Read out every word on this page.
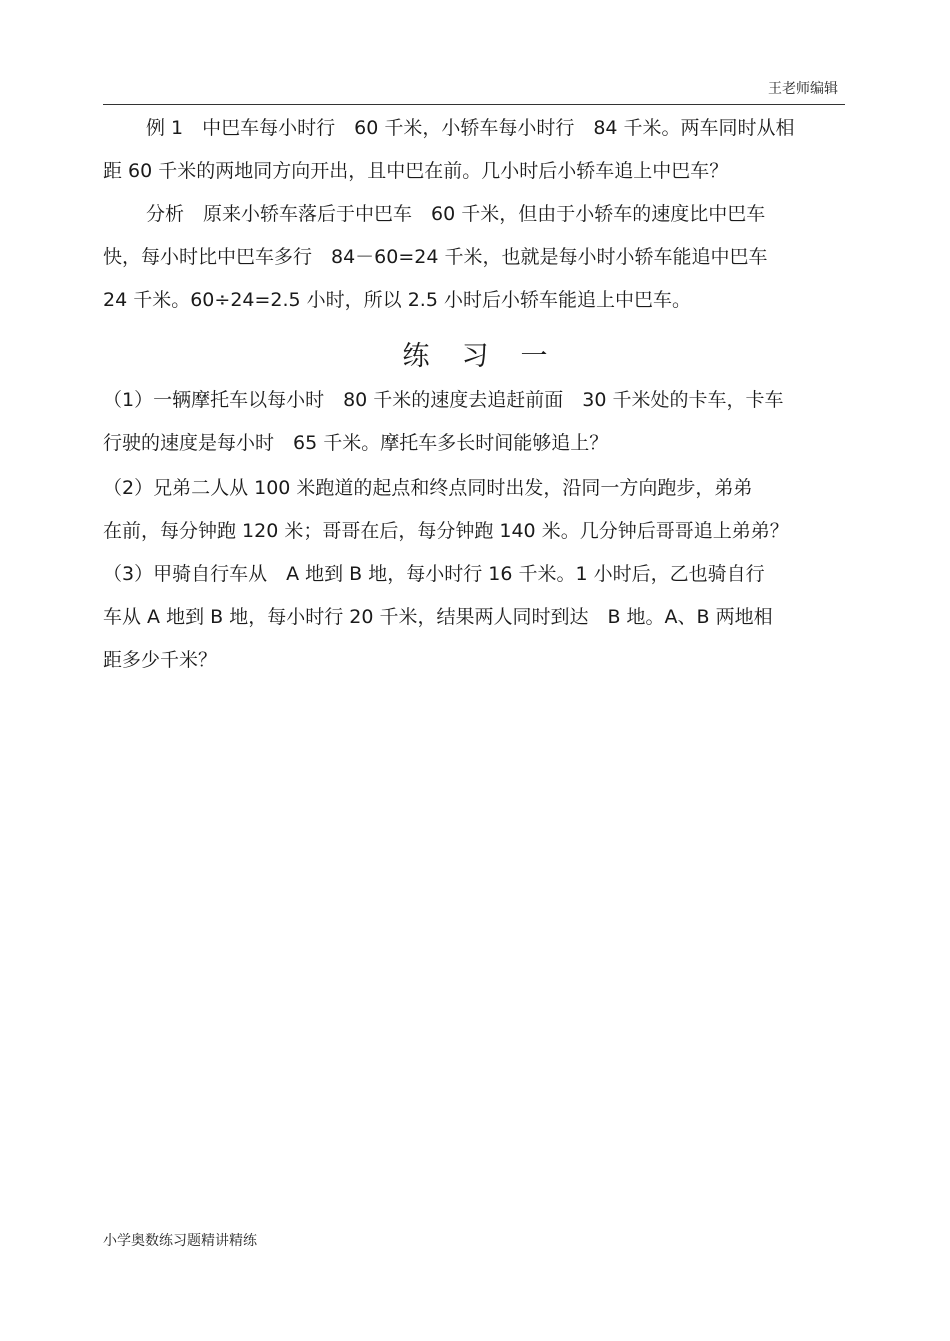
王老师编辑
例 1　中巴车每小时行　60 千米，小轿车每小时行　84 千米。两车同时从相
距 60 千米的两地同方向开出，且中巴在前。几小时后小轿车追上中巴车？
分析　原来小轿车落后于中巴车　60 千米，但由于小轿车的速度比中巴车
快，每小时比中巴车多行　84－60=24 千米，也就是每小时小轿车能追中巴车
24 千米。60÷24=2.5 小时，所以 2.5 小时后小轿车能追上中巴车。
练习一
（1）一辆摩托车以每小时　80 千米的速度去追赶前面　30 千米处的卡车，卡车
行驶的速度是每小时　65 千米。摩托车多长时间能够追上？
（2）兄弟二人从 100 米跑道的起点和终点同时出发，沿同一方向跑步，弟弟
在前，每分钟跑 120 米；哥哥在后，每分钟跑 140 米。几分钟后哥哥追上弟弟？
（3）甲骑自行车从　A 地到 B 地，每小时行 16 千米。1 小时后，乙也骑自行
车从 A 地到 B 地，每小时行 20 千米，结果两人同时到达　B 地。A、B 两地相
距多少千米？
小学奥数练习题精讲精练
